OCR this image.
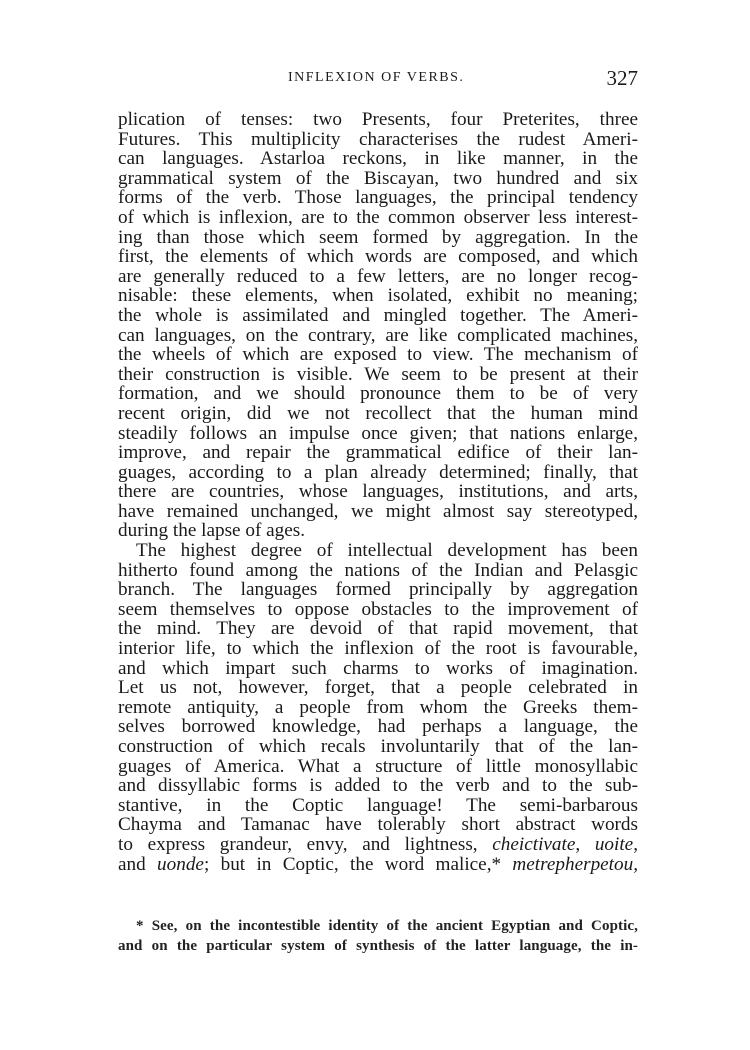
INFLEXION OF VERBS.	327
plication of tenses: two Presents, four Preterites, three
Futures. This multiplicity characterises the rudest Ameri-
can languages. Astarloa reckons, in like manner, in the
grammatical system of the Biscayan, two hundred and six
forms of the verb. Those languages, the principal tendency
of which is inflexion, are to the common observer less interest-
ing than those which seem formed by aggregation. In the
first, the elements of which words are composed, and which
are generally reduced to a few letters, are no longer recog-
nisable: these elements, when isolated, exhibit no meaning;
the whole is assimilated and mingled together. The Ameri-
can languages, on the contrary, are like complicated machines,
the wheels of which are exposed to view. The mechanism of
their construction is visible. We seem to be present at their
formation, and we should pronounce them to be of very
recent origin, did we not recollect that the human mind
steadily follows an impulse once given; that nations enlarge,
improve, and repair the grammatical edifice of their lan-
guages, according to a plan already determined; finally, that
there are countries, whose languages, institutions, and arts,
have remained unchanged, we might almost say stereotyped,
during the lapse of ages.
The highest degree of intellectual development has been
hitherto found among the nations of the Indian and Pelasgic
branch. The languages formed principally by aggregation
seem themselves to oppose obstacles to the improvement of
the mind. They are devoid of that rapid movement, that
interior life, to which the inflexion of the root is favourable,
and which impart such charms to works of imagination.
Let us not, however, forget, that a people celebrated in
remote antiquity, a people from whom the Greeks them-
selves borrowed knowledge, had perhaps a language, the
construction of which recals involuntarily that of the lan-
guages of America. What a structure of little monosyllabic
and dissyllabic forms is added to the verb and to the sub-
stantive, in the Coptic language! The semi-barbarous
Chayma and Tamanac have tolerably short abstract words
to express grandeur, envy, and lightness, cheictivate, uoite,
and uonde; but in Coptic, the word malice,* metrepherpetou,
* See, on the incontestible identity of the ancient Egyptian and Coptic,
and on the particular system of synthesis of the latter language, the in-
